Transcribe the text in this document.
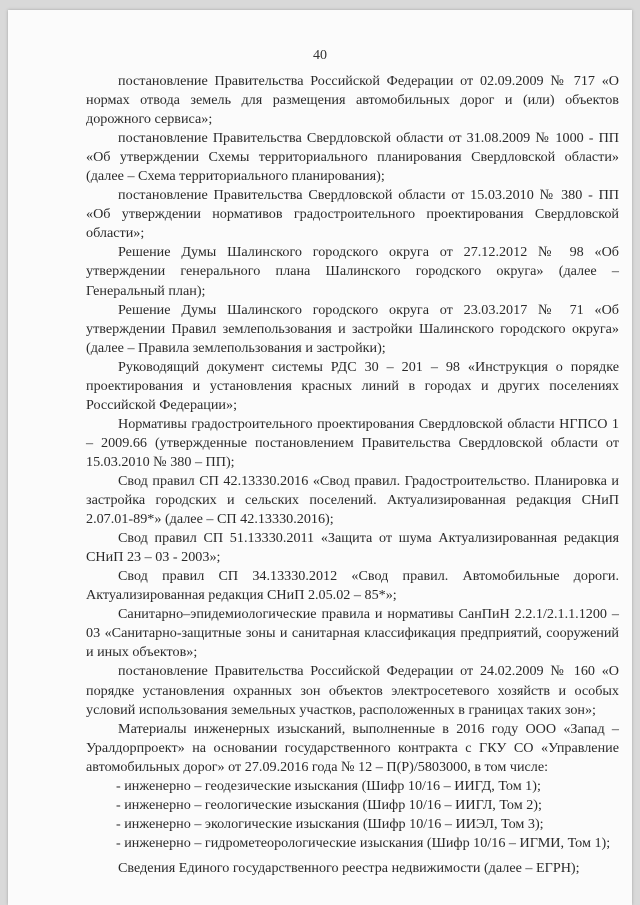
40

постановление Правительства Российской Федерации от 02.09.2009 № 717 «О нормах отвода земель для размещения автомобильных дорог и (или) объектов дорожного сервиса»;

постановление Правительства Свердловской области от 31.08.2009 № 1000 - ПП «Об утверждении Схемы территориального планирования Свердловской области» (далее – Схема территориального планирования);

постановление Правительства Свердловской области от 15.03.2010 № 380 - ПП «Об утверждении нормативов градостроительного проектирования Свердловской области»;

Решение Думы Шалинского городского округа от 27.12.2012 № 98 «Об утверждении генерального плана Шалинского городского округа» (далее – Генеральный план);

Решение Думы Шалинского городского округа от 23.03.2017 № 71 «Об утверждении Правил землепользования и застройки Шалинского городского округа» (далее – Правила землепользования и застройки);

Руководящий документ системы РДС 30 – 201 – 98 «Инструкция о порядке проектирования и установления красных линий в городах и других поселениях Российской Федерации»;

Нормативы градостроительного проектирования Свердловской области НГПСО 1 – 2009.66 (утвержденные постановлением Правительства Свердловской области от 15.03.2010 № 380 – ПП);

Свод правил СП 42.13330.2016 «Свод правил. Градостроительство. Планировка и застройка городских и сельских поселений. Актуализированная редакция СНиП 2.07.01-89*» (далее – СП 42.13330.2016);

Свод правил СП 51.13330.2011 «Защита от шума Актуализированная редакция СНиП 23 – 03 - 2003»;

Свод правил СП 34.13330.2012 «Свод правил. Автомобильные дороги. Актуализированная редакция СНиП 2.05.02 – 85*»;

Санитарно–эпидемиологические правила и нормативы СанПиН 2.2.1/2.1.1.1200 – 03 «Санитарно-защитные зоны и санитарная классификация предприятий, сооружений и иных объектов»;

постановление Правительства Российской Федерации от 24.02.2009 № 160 «О порядке установления охранных зон объектов электросетевого хозяйств и особых условий использования земельных участков, расположенных в границах таких зон»;

Материалы инженерных изысканий, выполненные в 2016 году ООО «Запад – Уралдорпроект» на основании государственного контракта с ГКУ СО «Управление автомобильных дорог» от 27.09.2016 года № 12 – П(Р)/5803000, в том числе:

- инженерно – геодезические изыскания (Шифр 10/16 – ИИГД, Том 1);

- инженерно – геологические изыскания (Шифр 10/16 – ИИГЛ, Том 2);

- инженерно – экологические изыскания (Шифр 10/16 – ИИЭЛ, Том 3);

- инженерно – гидрометеорологические изыскания (Шифр 10/16 – ИГМИ, Том 1);

Сведения Единого государственного реестра недвижимости (далее – ЕГРН);
